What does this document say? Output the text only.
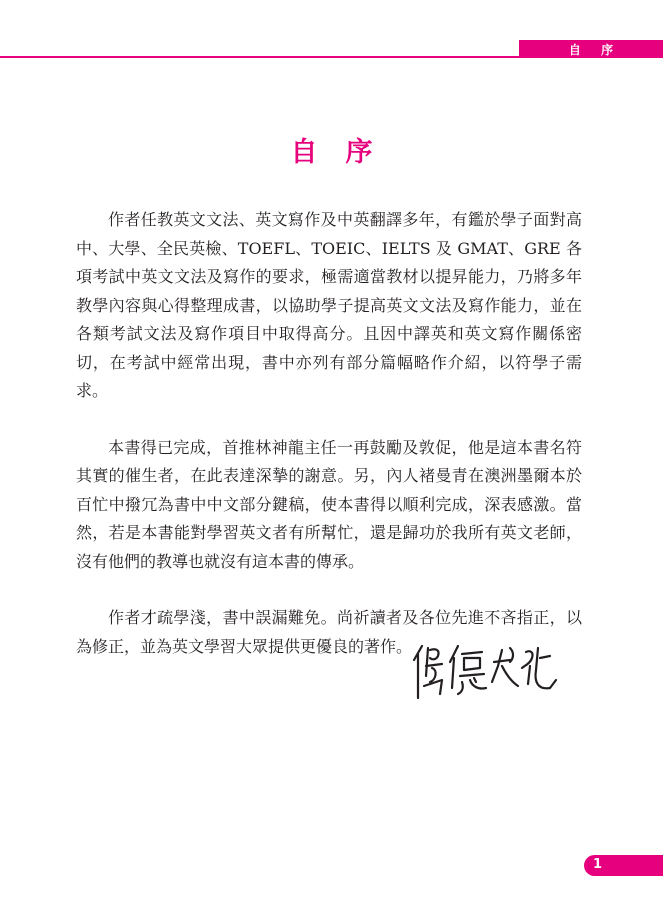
自 序
自序

作者任教英文文法、英文寫作及中英翻譯多年，有鑑於學子面對高中、大學、全民英檢、TOEFL、TOEIC、IELTS 及 GMAT、GRE 各項考試中英文文法及寫作的要求，極需適當教材以提昇能力，乃將多年教學內容與心得整理成書，以協助學子提高英文文法及寫作能力，並在各類考試文法及寫作項目中取得高分。且因中譯英和英文寫作關係密切，在考試中經常出現，書中亦列有部分篇幅略作介紹，以符學子需求。

本書得已完成，首推林神龍主任一再鼓勵及敦促，他是這本書名符其實的催生者，在此表達深摯的謝意。另，內人褚曼青在澳洲墨爾本於百忙中撥冗為書中中文部分鍵稿，使本書得以順利完成，深表感激。當然，若是本書能對學習英文者有所幫忙，還是歸功於我所有英文老師，沒有他們的教導也就沒有這本書的傳承。

作者才疏學淺，書中誤漏難免。尚祈讀者及各位先進不吝指正，以為修正，並為英文學習大眾提供更優良的著作。

1
